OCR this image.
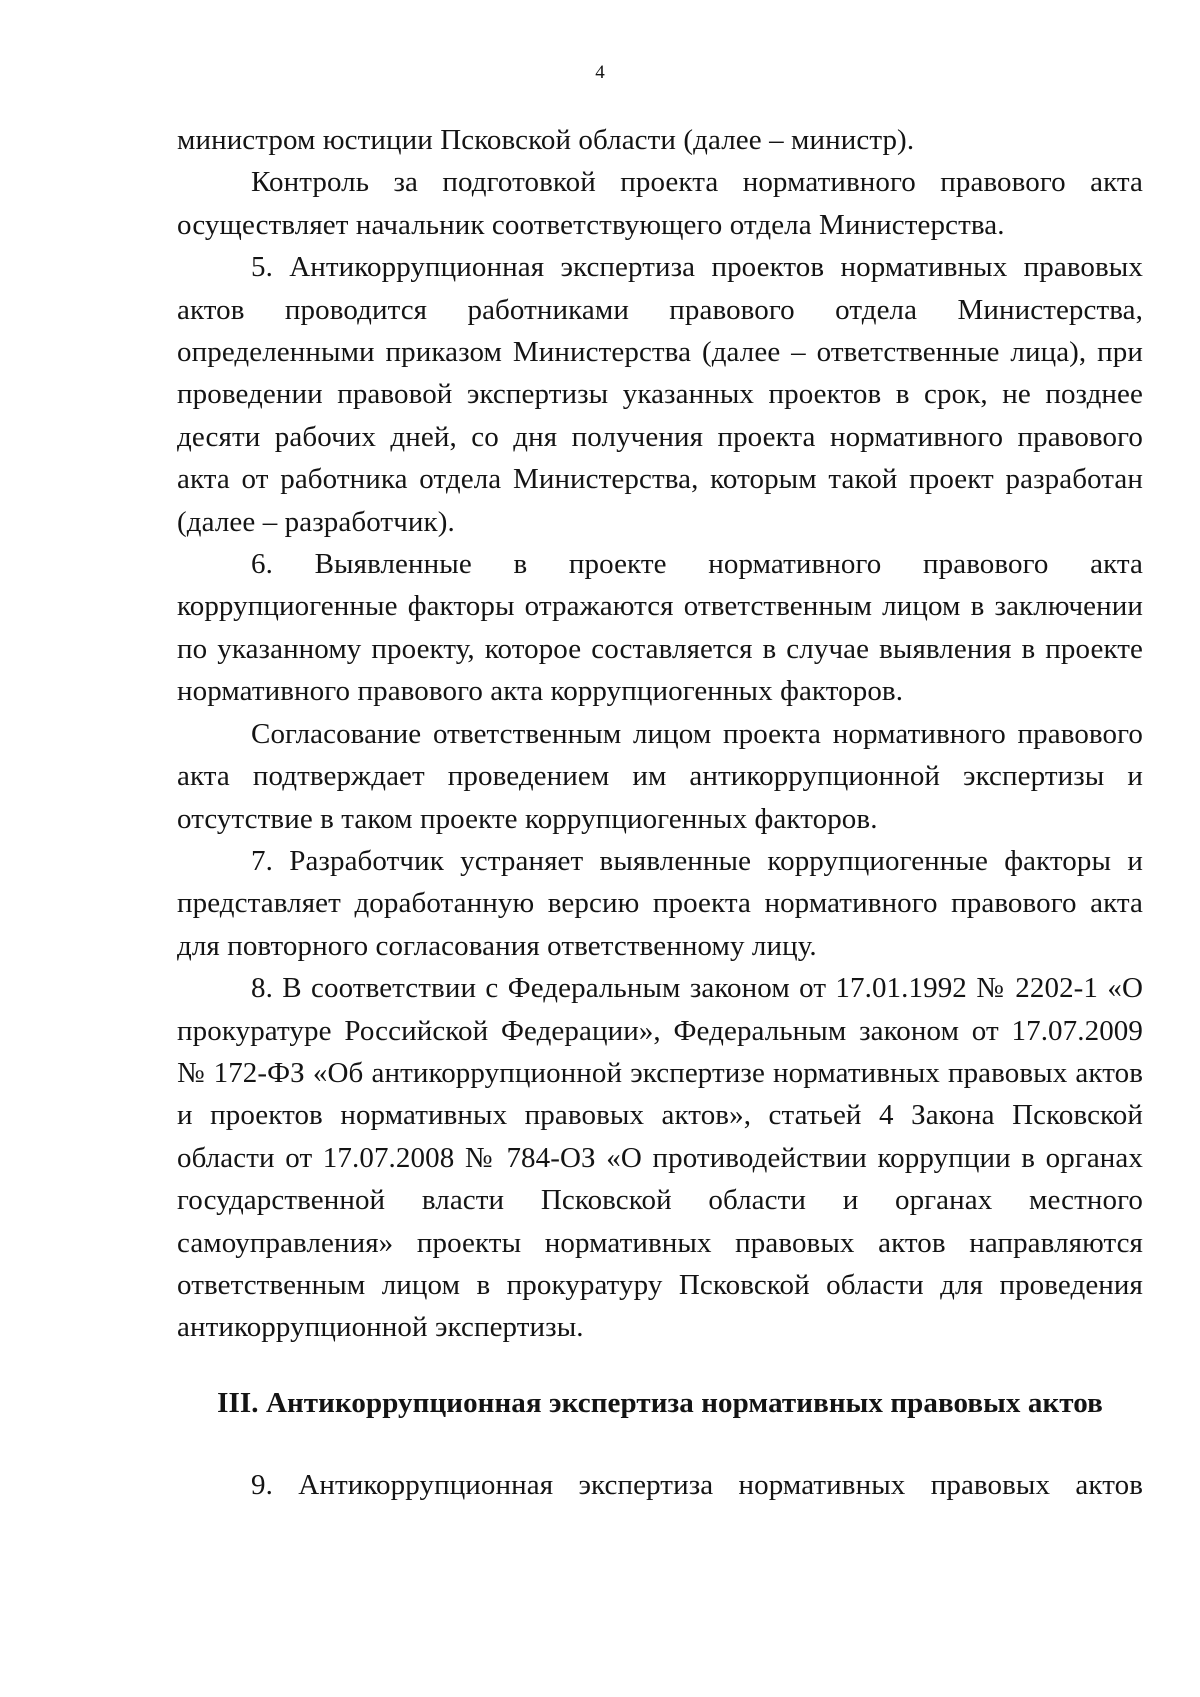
4

министром юстиции Псковской области (далее – министр).

Контроль за подготовкой проекта нормативного правового акта осуществляет начальник соответствующего отдела Министерства.

5. Антикоррупционная экспертиза проектов нормативных правовых актов проводится работниками правового отдела Министерства, определенными приказом Министерства (далее – ответственные лица), при проведении правовой экспертизы указанных проектов в срок, не позднее десяти рабочих дней, со дня получения проекта нормативного правового акта от работника отдела Министерства, которым такой проект разработан (далее – разработчик).

6. Выявленные в проекте нормативного правового акта коррупциогенные факторы отражаются ответственным лицом в заключении по указанному проекту, которое составляется в случае выявления в проекте нормативного правового акта коррупциогенных факторов.

Согласование ответственным лицом проекта нормативного правового акта подтверждает проведением им антикоррупционной экспертизы и отсутствие в таком проекте коррупциогенных факторов.

7. Разработчик устраняет выявленные коррупциогенные факторы и представляет доработанную версию проекта нормативного правового акта для повторного согласования ответственному лицу.

8. В соответствии с Федеральным законом от 17.01.1992 № 2202-1 «О прокуратуре Российской Федерации», Федеральным законом от 17.07.2009 № 172-ФЗ «Об антикоррупционной экспертизе нормативных правовых актов и проектов нормативных правовых актов», статьей 4 Закона Псковской области от 17.07.2008 № 784-ОЗ «О противодействии коррупции в органах государственной власти Псковской области и органах местного самоуправления» проекты нормативных правовых актов направляются ответственным лицом в прокуратуру Псковской области для проведения антикоррупционной экспертизы.

III. Антикоррупционная экспертиза нормативных правовых актов

9. Антикоррупционная экспертиза нормативных правовых актов
